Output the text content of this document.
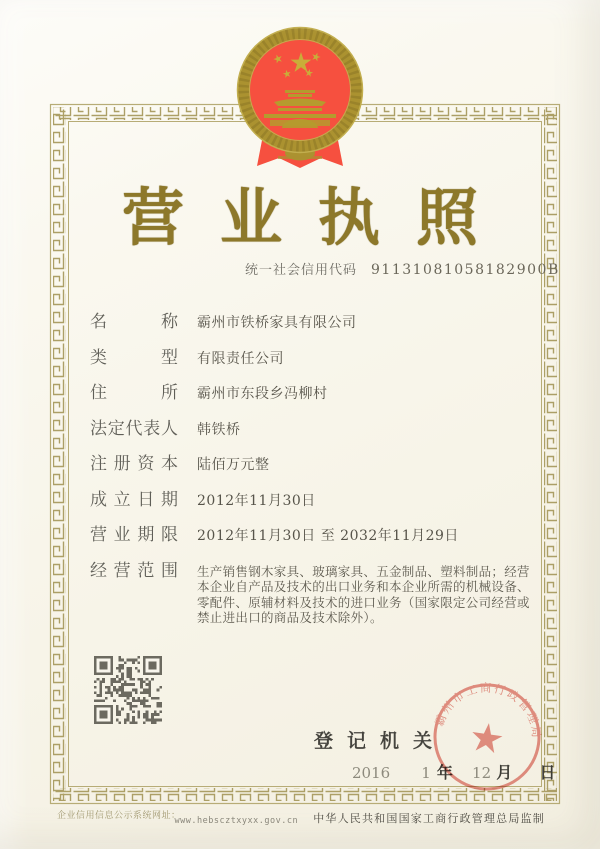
营业执照
统一社会信用代码 91131081058182900B
名称 霸州市铁桥家具有限公司
类型 有限责任公司
住所 霸州市东段乡冯柳村
法定代表人 韩铁桥
注册资本 陆佰万元整
成立日期 2012年11月30日
营业期限 2012年11月30日 至 2032年11月29日
经营范围 生产销售钢木家具、玻璃家具、五金制品、塑料制品；经营本企业自产品及技术的出口业务和本企业所需的机械设备、零配件、原辅材料及技术的进口业务（国家限定公司经营或禁止进出口的商品及技术除外）。
登记机关
2016 1 年 12 月 日
霸州市工商行政管理局
企业信用信息公示系统网址：www.hebscztxyxx.gov.cn	中华人民共和国国家工商行政管理总局监制
